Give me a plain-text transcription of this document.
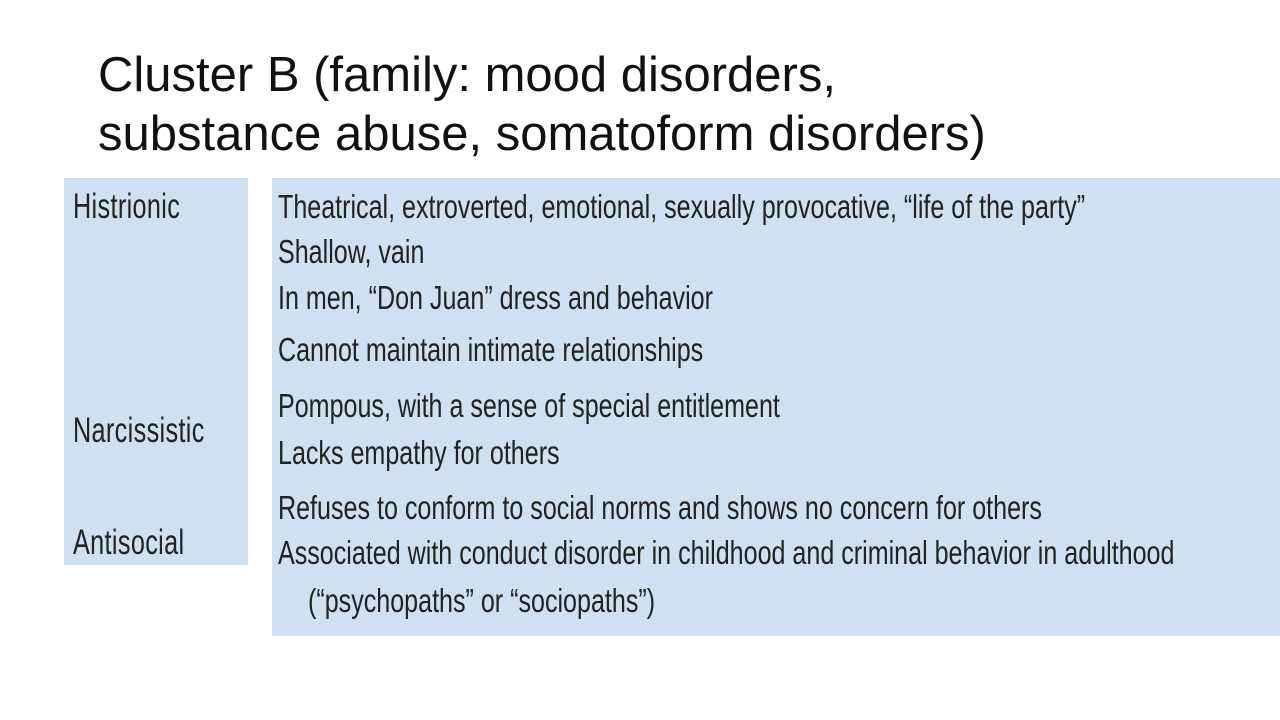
Cluster B (family: mood disorders,
substance abuse, somatoform disorders)
Histrionic
Narcissistic
Antisocial
Theatrical, extroverted, emotional, sexually provocative, “life of the party”
Shallow, vain
In men, “Don Juan” dress and behavior
Cannot maintain intimate relationships
Pompous, with a sense of special entitlement
Lacks empathy for others
Refuses to conform to social norms and shows no concern for others
Associated with conduct disorder in childhood and criminal behavior in adulthood
(“psychopaths” or “sociopaths”)
